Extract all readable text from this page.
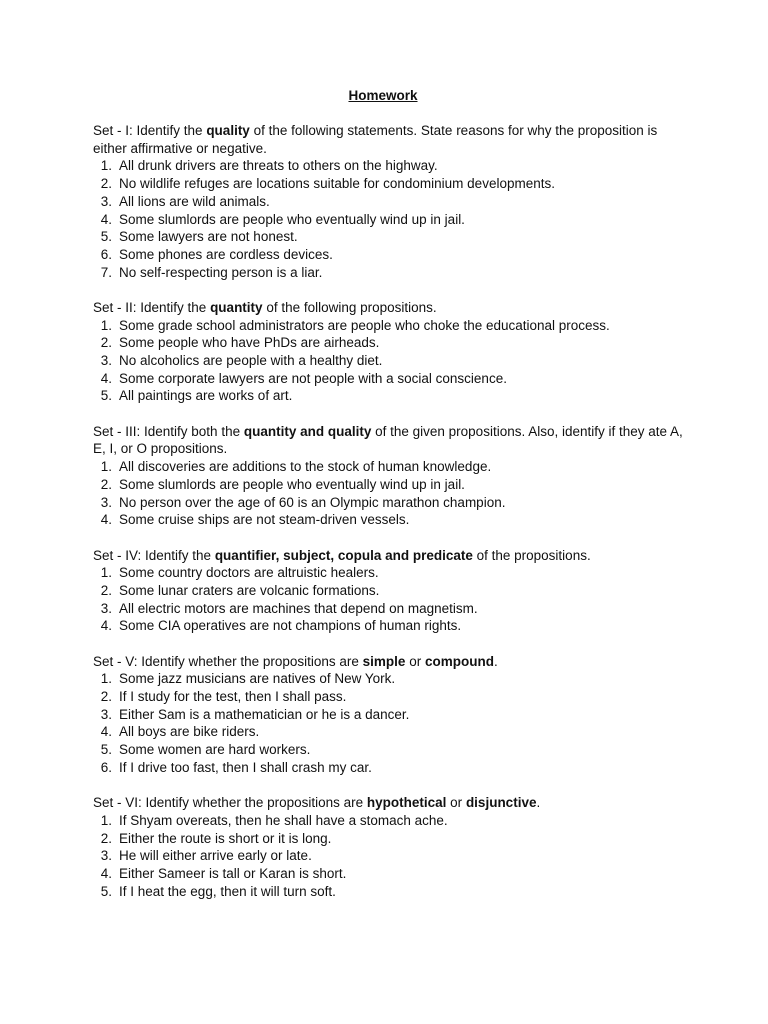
Homework

Set - I: Identify the quality of the following statements. State reasons for why the proposition is either affirmative or negative.

1. All drunk drivers are threats to others on the highway.
2. No wildlife refuges are locations suitable for condominium developments.
3. All lions are wild animals.
4. Some slumlords are people who eventually wind up in jail.
5. Some lawyers are not honest.
6. Some phones are cordless devices.
7. No self-respecting person is a liar.

Set - II: Identify the quantity of the following propositions.

1. Some grade school administrators are people who choke the educational process.
2. Some people who have PhDs are airheads.
3. No alcoholics are people with a healthy diet.
4. Some corporate lawyers are not people with a social conscience.
5. All paintings are works of art.

Set - III: Identify both the quantity and quality of the given propositions. Also, identify if they ate A, E, I, or O propositions.

1. All discoveries are additions to the stock of human knowledge.
2. Some slumlords are people who eventually wind up in jail.
3. No person over the age of 60 is an Olympic marathon champion.
4. Some cruise ships are not steam-driven vessels.

Set - IV: Identify the quantifier, subject, copula and predicate of the propositions.

1. Some country doctors are altruistic healers.
2. Some lunar craters are volcanic formations.
3. All electric motors are machines that depend on magnetism.
4. Some CIA operatives are not champions of human rights.

Set - V: Identify whether the propositions are simple or compound.

1. Some jazz musicians are natives of New York.
2. If I study for the test, then I shall pass.
3. Either Sam is a mathematician or he is a dancer.
4. All boys are bike riders.
5. Some women are hard workers.
6. If I drive too fast, then I shall crash my car.

Set - VI: Identify whether the propositions are hypothetical or disjunctive.

1. If Shyam overeats, then he shall have a stomach ache.
2. Either the route is short or it is long.
3. He will either arrive early or late.
4. Either Sameer is tall or Karan is short.
5. If I heat the egg, then it will turn soft.
